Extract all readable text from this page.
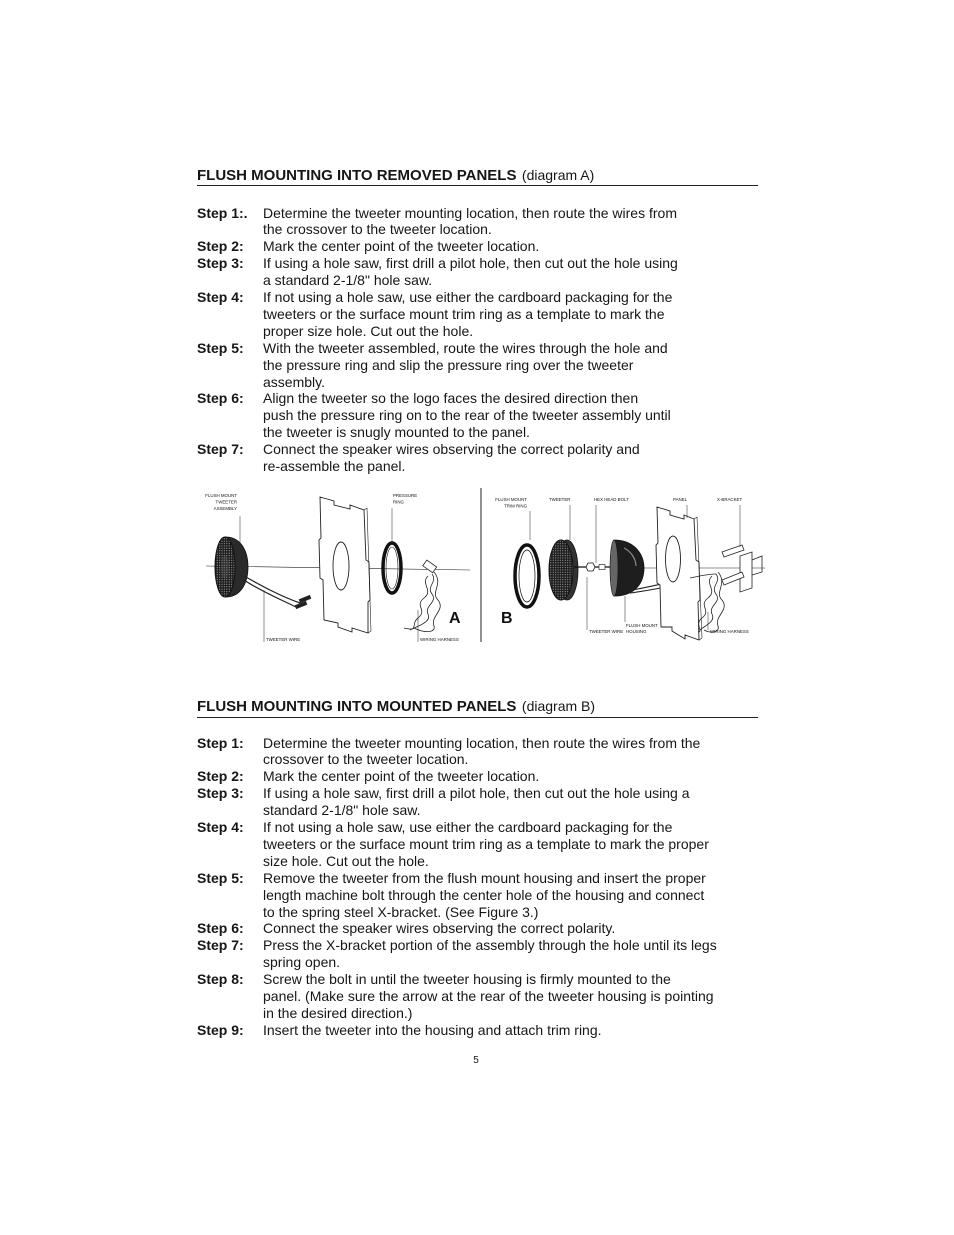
FLUSH MOUNTING INTO REMOVED PANELS (diagram A)
Step 1:.	Determine the tweeter mounting location, then route the wires from
the crossover to the tweeter location.
Step 2:	Mark the center point of the tweeter location.
Step 3:	If using a hole saw, first drill a pilot hole, then cut out the hole using
a standard 2-1/8" hole saw.
Step 4:	If not using a hole saw, use either the cardboard packaging for the
tweeters or the surface mount trim ring as a template to mark the
proper size hole. Cut out the hole.
Step 5:	With the tweeter assembled, route the wires through the hole and
the pressure ring and slip the pressure ring over the tweeter
assembly.
Step 6:	Align the tweeter so the logo faces the desired direction then
push the pressure ring on to the rear of the tweeter assembly until
the tweeter is snugly mounted to the panel.
Step 7:	Connect the speaker wires observing the correct polarity and
re-assemble the panel.
FLUSH MOUNT
TWEETER
ASSEMBLY
PRESSURE
RING
TWEETER WIRE	WIRING HARNESS
A
FLUSH MOUNT
TRIM RING
TWEETER	HEX HEAD BOLT	PANEL	X-BRACKET
TWEETER WIRE
FLUSH MOUNT
HOUSING	WIRING HARNESS
B
FLUSH MOUNTING INTO MOUNTED PANELS (diagram B)
Step 1:	Determine the tweeter mounting location, then route the wires from the
crossover to the tweeter location.
Step 2:	Mark the center point of the tweeter location.
Step 3:	If using a hole saw, first drill a pilot hole, then cut out the hole using a
standard 2-1/8" hole saw.
Step 4:	If not using a hole saw, use either the cardboard packaging for the
tweeters or the surface mount trim ring as a template to mark the proper
size hole. Cut out the hole.
Step 5:	Remove the tweeter from the flush mount housing and insert the proper
length machine bolt through the center hole of the housing and connect
to the spring steel X-bracket. (See Figure 3.)
Step 6:	Connect the speaker wires observing the correct polarity.
Step 7:	Press the X-bracket portion of the assembly through the hole until its legs
spring open.
Step 8:	Screw the bolt in until the tweeter housing is firmly mounted to the
panel. (Make sure the arrow at the rear of the tweeter housing is pointing
in the desired direction.)
Step 9:	Insert the tweeter into the housing and attach trim ring.
5
